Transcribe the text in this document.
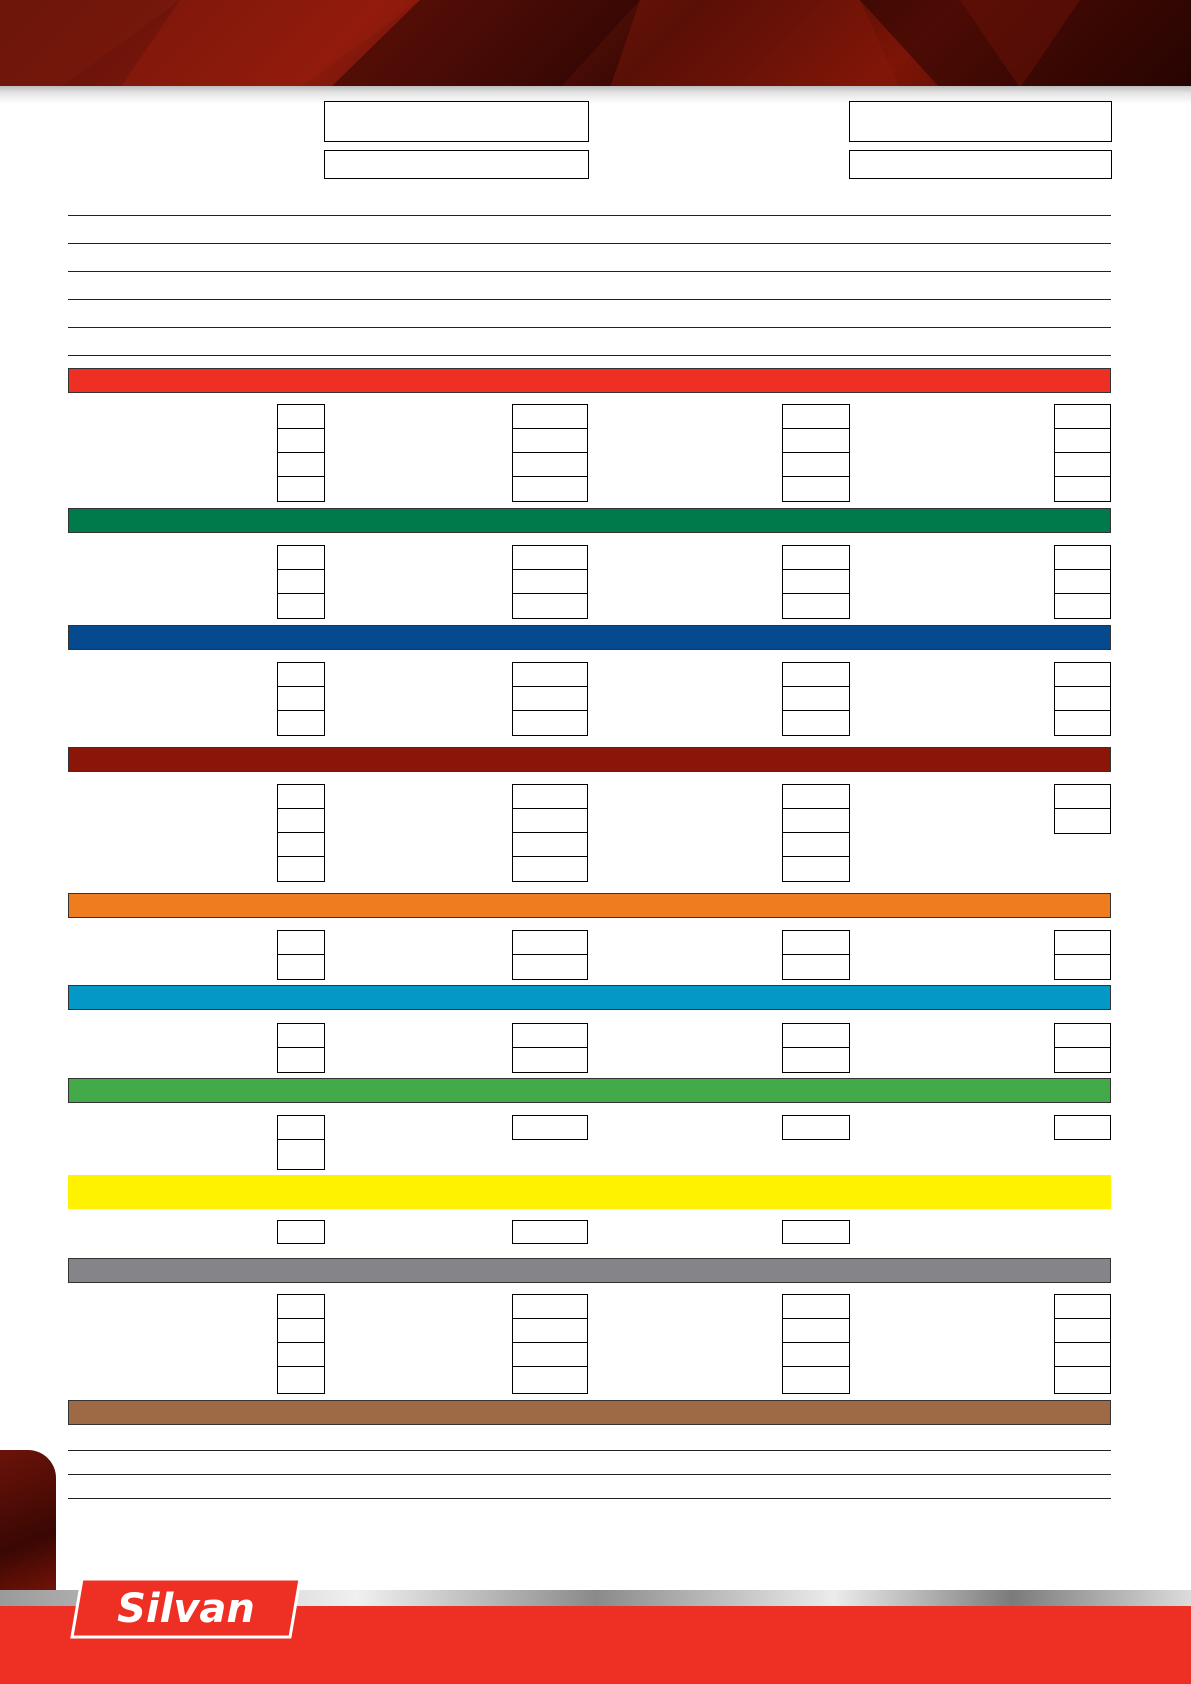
Silvan
